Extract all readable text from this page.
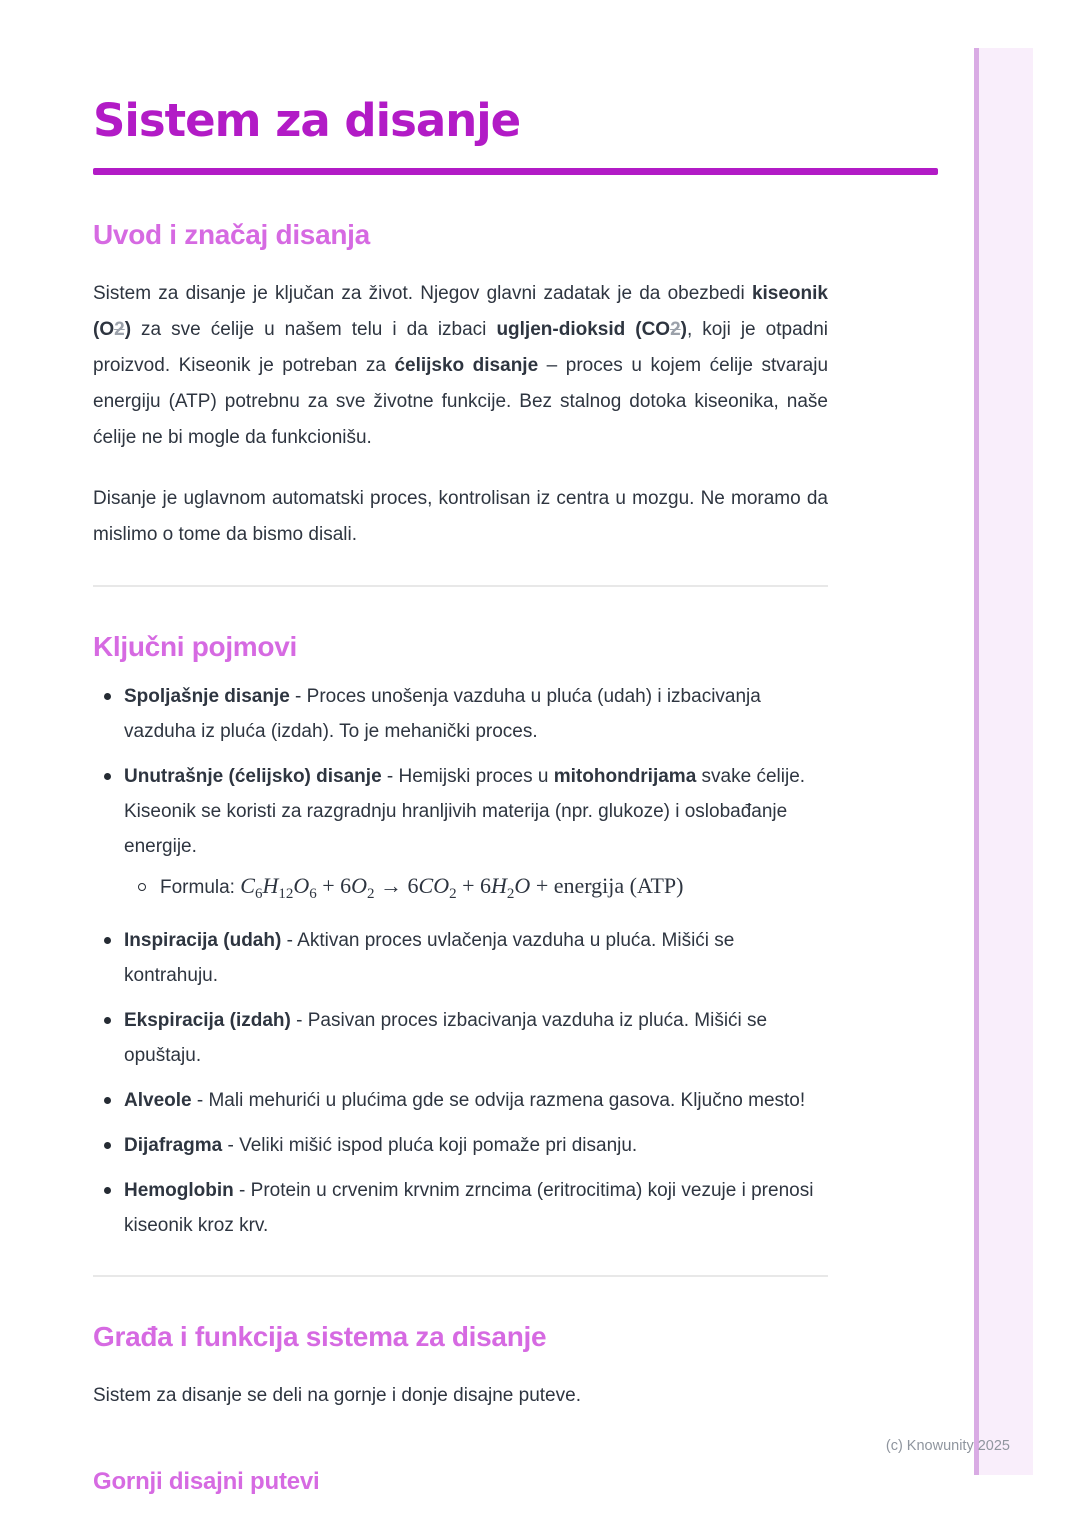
Sistem za disanje
Uvod i značaj disanja

Sistem za disanje je ključan za život. Njegov glavni zadatak je da obezbedi kiseonik (O2) za sve ćelije u našem telu i da izbaci ugljen-dioksid (CO2), koji je otpadni proizvod. Kiseonik je potreban za ćelijsko disanje – proces u kojem ćelije stvaraju energiju (ATP) potrebnu za sve životne funkcije. Bez stalnog dotoka kiseonika, naše ćelije ne bi mogle da funkcionišu.

Disanje je uglavnom automatski proces, kontrolisan iz centra u mozgu. Ne moramo da mislimo o tome da bismo disali.

Ključni pojmovi
Spoljašnje disanje - Proces unošenja vazduha u pluća (udah) i izbacivanja vazduha iz pluća (izdah). To je mehanički proces.
Unutrašnje (ćelijsko) disanje - Hemijski proces u mitohondrijama svake ćelije. Kiseonik se koristi za razgradnju hranljivih materija (npr. glukoze) i oslobađanje energije.
Formula: $C_6H_{12}O_6 + 6O_2 \to 6CO_2 + 6H_2O$ + energija (ATP)
Inspiracija (udah) - Aktivan proces uvlačenja vazduha u pluća. Mišići se kontrahuju.
Ekspiracija (izdah) - Pasivan proces izbacivanja vazduha iz pluća. Mišići se opuštaju.
Alveole - Mali mehurići u plućima gde se odvija razmena gasova. Ključno mesto!
Dijafragma - Veliki mišić ispod pluća koji pomaže pri disanju.
Hemoglobin - Protein u crvenim krvnim zrncima (eritrocitima) koji vezuje i prenosi kiseonik kroz krv.
Građa i funkcija sistema za disanje

Sistem za disanje se deli na gornje i donje disajne puteve.

Gornji disajni putevi
(c) Knowunity 2025
